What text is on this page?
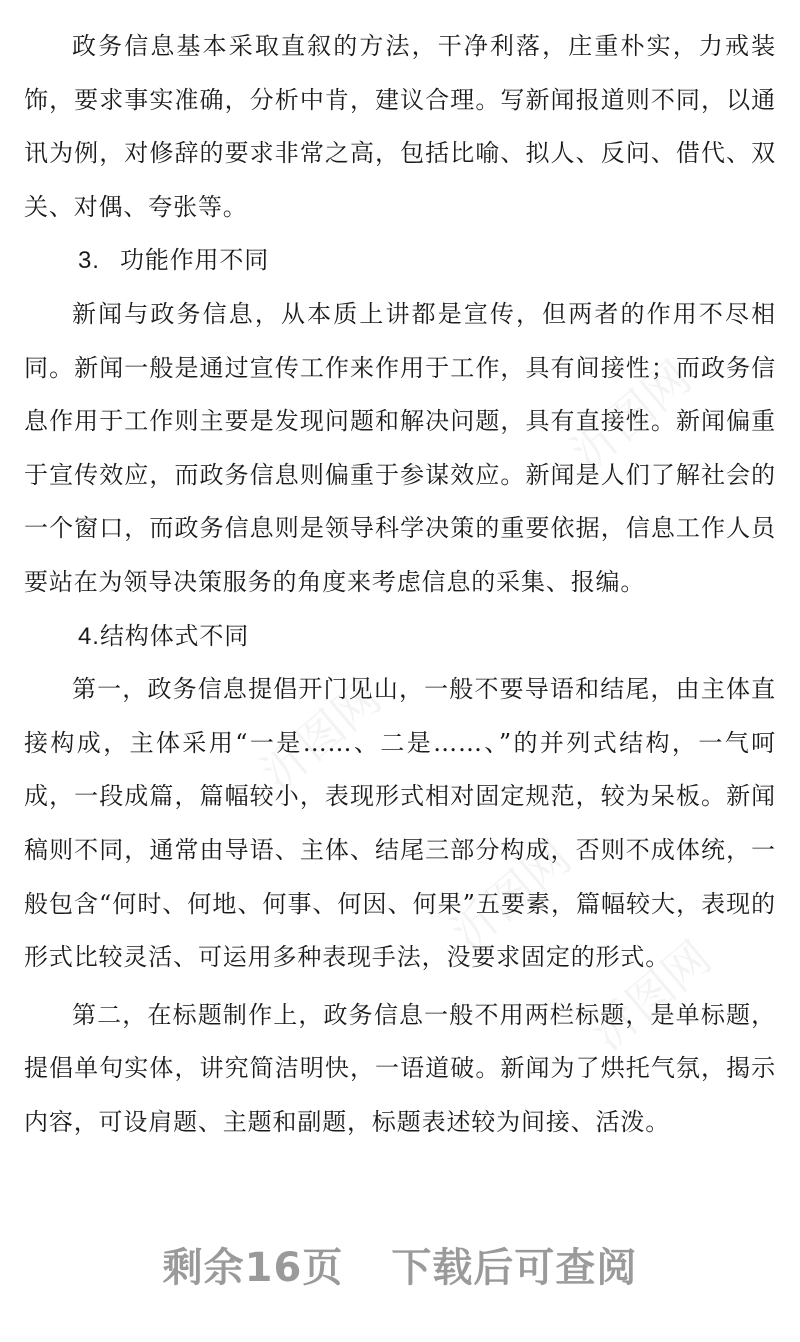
沂图网
沂图网
沂图网
沂图网

政务信息基本采取直叙的方法，干净利落，庄重朴实，力戒装饰，要求事实准确，分析中肯，建议合理。写新闻报道则不同，以通讯为例，对修辞的要求非常之高，包括比喻、拟人、反问、借代、双关、对偶、夸张等。

3. 功能作用不同

新闻与政务信息，从本质上讲都是宣传，但两者的作用不尽相同。新闻一般是通过宣传工作来作用于工作，具有间接性；而政务信息作用于工作则主要是发现问题和解决问题，具有直接性。新闻偏重于宣传效应，而政务信息则偏重于参谋效应。新闻是人们了解社会的一个窗口，而政务信息则是领导科学决策的重要依据，信息工作人员要站在为领导决策服务的角度来考虑信息的采集、报编。

4.结构体式不同

第一，政务信息提倡开门见山，一般不要导语和结尾，由主体直接构成，主体采用“一是……、二是……、”的并列式结构，一气呵成，一段成篇，篇幅较小，表现形式相对固定规范，较为呆板。新闻稿则不同，通常由导语、主体、结尾三部分构成，否则不成体统，一般包含“何时、何地、何事、何因、何果”五要素，篇幅较大，表现的形式比较灵活、可运用多种表现手法，没要求固定的形式。

第二，在标题制作上，政务信息一般不用两栏标题，是单标题，提倡单句实体，讲究简洁明快，一语道破。新闻为了烘托气氛，揭示内容，可设肩题、主题和副题，标题表述较为间接、活泼。

剩余16页 下载后可查阅
